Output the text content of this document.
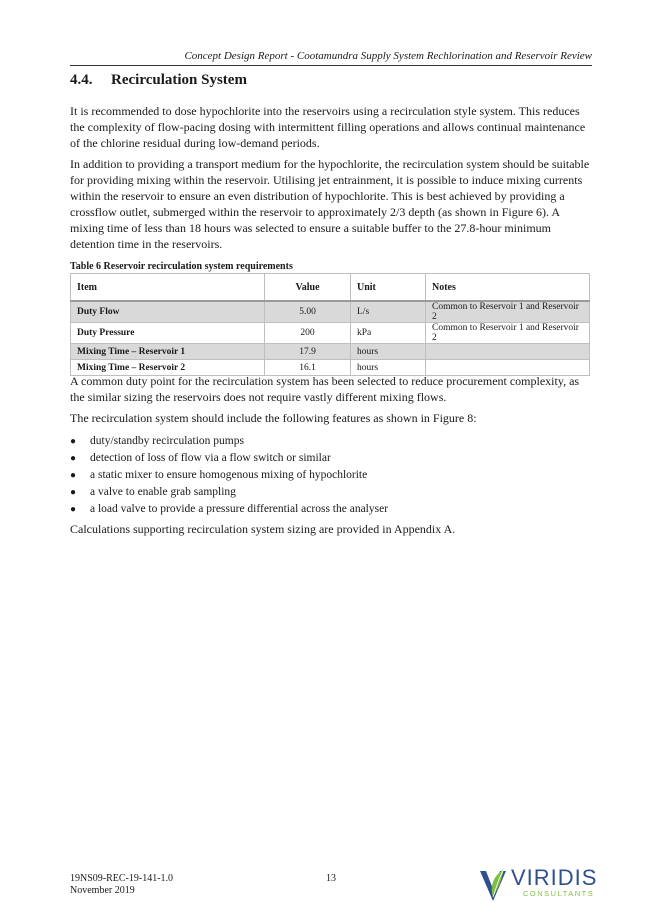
Concept Design Report - Cootamundra Supply System Rechlorination and Reservoir Review
4.4. Recirculation System

It is recommended to dose hypochlorite into the reservoirs using a recirculation style system. This reduces the complexity of flow-pacing dosing with intermittent filling operations and allows continual maintenance of the chlorine residual during low-demand periods.

In addition to providing a transport medium for the hypochlorite, the recirculation system should be suitable for providing mixing within the reservoir. Utilising jet entrainment, it is possible to induce mixing currents within the reservoir to ensure an even distribution of hypochlorite. This is best achieved by providing a crossflow outlet, submerged within the reservoir to approximately 2/3 depth (as shown in Figure 6). A mixing time of less than 18 hours was selected to ensure a suitable buffer to the 27.8-hour minimum detention time in the reservoirs.

Table 6 Reservoir recirculation system requirements

Item	Value	Unit	Notes
Duty Flow	5.00	L/s	Common to Reservoir 1 and Reservoir 2
Duty Pressure	200	kPa	Common to Reservoir 1 and Reservoir 2
Mixing Time – Reservoir 1	17.9	hours	
Mixing Time – Reservoir 2	16.1	hours	

A common duty point for the recirculation system has been selected to reduce procurement complexity, as the similar sizing the reservoirs does not require vastly different mixing flows.

The recirculation system should include the following features as shown in Figure 8:

● duty/standby recirculation pumps
● detection of loss of flow via a flow switch or similar
● a static mixer to ensure homogenous mixing of hypochlorite
● a valve to enable grab sampling
● a load valve to provide a pressure differential across the analyser

Calculations supporting recirculation system sizing are provided in Appendix A.

19NS09-REC-19-141-1.0
November 2019
13	VIRIDIS
CONSULTANTS
